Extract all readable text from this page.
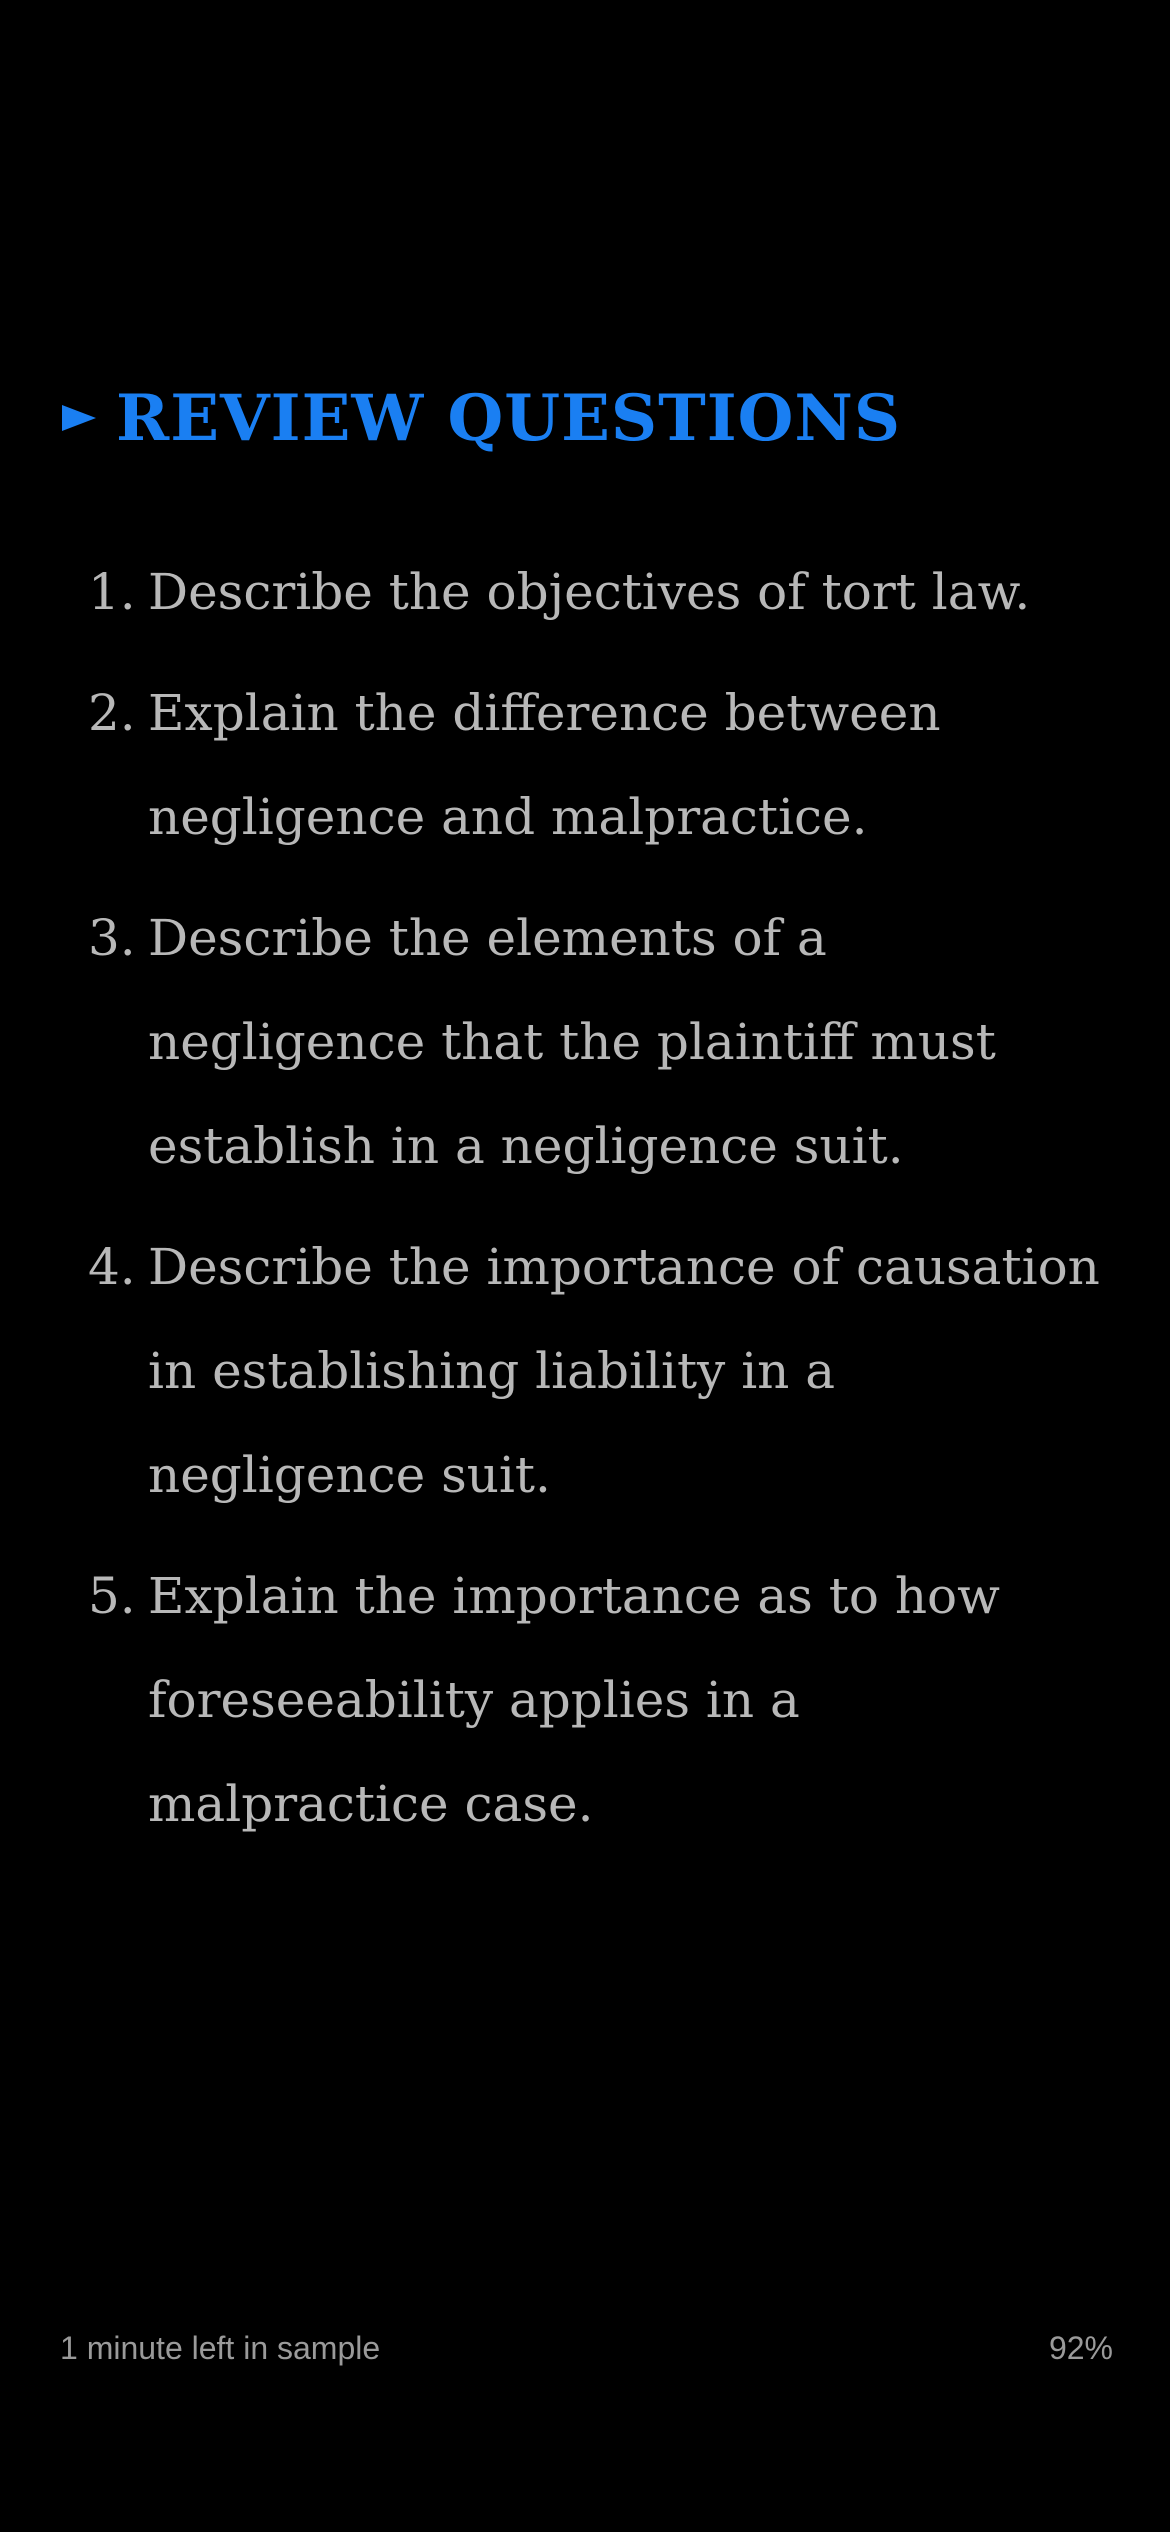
REVIEW QUESTIONS
1. Describe the objectives of tort law.
2. Explain the difference between negligence and malpractice.
3. Describe the elements of a negligence that the plaintiff must establish in a negligence suit.
4. Describe the importance of causation in establishing liability in a negligence suit.
5. Explain the importance as to how foreseeability applies in a malpractice case.
1 minute left in sample	92%
